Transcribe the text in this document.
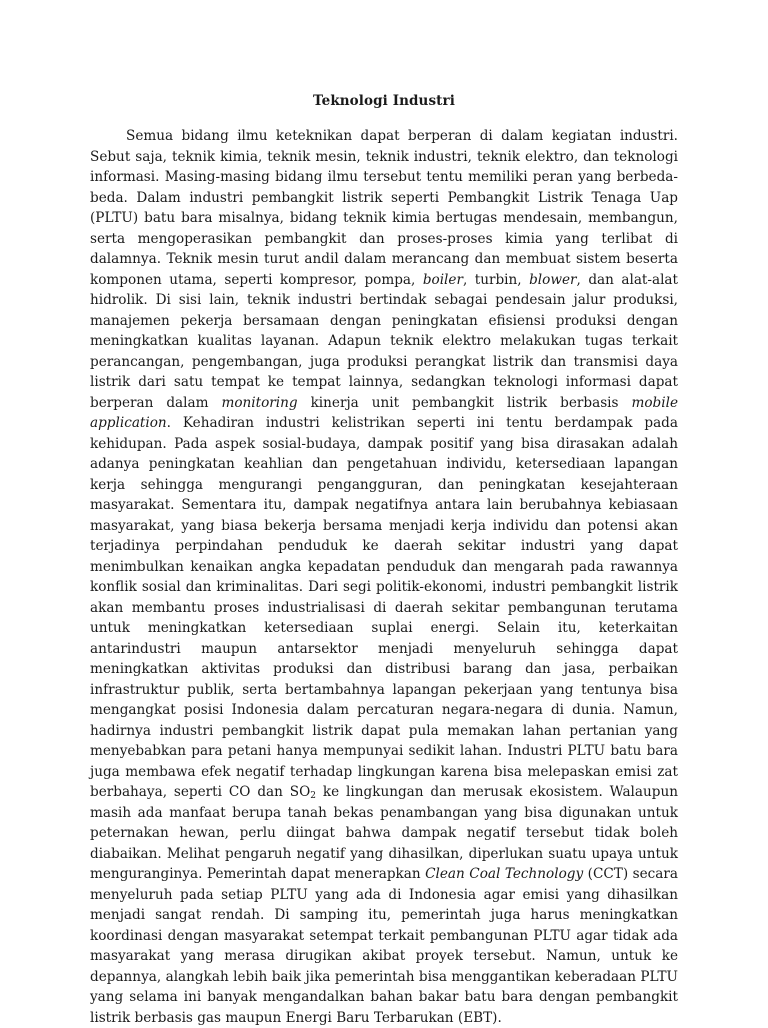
Teknologi Industri

Semua bidang ilmu keteknikan dapat berperan di dalam kegiatan industri. Sebut saja, teknik kimia, teknik mesin, teknik industri, teknik elektro, dan teknologi informasi. Masing-masing bidang ilmu tersebut tentu memiliki peran yang berbeda-beda. Dalam industri pembangkit listrik seperti Pembangkit Listrik Tenaga Uap (PLTU) batu bara misalnya, bidang teknik kimia bertugas mendesain, membangun, serta mengoperasikan pembangkit dan proses-proses kimia yang terlibat di dalamnya. Teknik mesin turut andil dalam merancang dan membuat sistem beserta komponen utama, seperti kompresor, pompa, boiler, turbin, blower, dan alat-alat hidrolik. Di sisi lain, teknik industri bertindak sebagai pendesain jalur produksi, manajemen pekerja bersamaan dengan peningkatan efisiensi produksi dengan meningkatkan kualitas layanan. Adapun teknik elektro melakukan tugas terkait perancangan, pengembangan, juga produksi perangkat listrik dan transmisi daya listrik dari satu tempat ke tempat lainnya, sedangkan teknologi informasi dapat berperan dalam monitoring kinerja unit pembangkit listrik berbasis mobile application. Kehadiran industri kelistrikan seperti ini tentu berdampak pada kehidupan. Pada aspek sosial-budaya, dampak positif yang bisa dirasakan adalah adanya peningkatan keahlian dan pengetahuan individu, ketersediaan lapangan kerja sehingga mengurangi pengangguran, dan peningkatan kesejahteraan masyarakat. Sementara itu, dampak negatifnya antara lain berubahnya kebiasaan masyarakat, yang biasa bekerja bersama menjadi kerja individu dan potensi akan terjadinya perpindahan penduduk ke daerah sekitar industri yang dapat menimbulkan kenaikan angka kepadatan penduduk dan mengarah pada rawannya konflik sosial dan kriminalitas. Dari segi politik-ekonomi, industri pembangkit listrik akan membantu proses industrialisasi di daerah sekitar pembangunan terutama untuk meningkatkan ketersediaan suplai energi. Selain itu, keterkaitan antarindustri maupun antarsektor menjadi menyeluruh sehingga dapat meningkatkan aktivitas produksi dan distribusi barang dan jasa, perbaikan infrastruktur publik, serta bertambahnya lapangan pekerjaan yang tentunya bisa mengangkat posisi Indonesia dalam percaturan negara-negara di dunia. Namun, hadirnya industri pembangkit listrik dapat pula memakan lahan pertanian yang menyebabkan para petani hanya mempunyai sedikit lahan. Industri PLTU batu bara juga membawa efek negatif terhadap lingkungan karena bisa melepaskan emisi zat berbahaya, seperti CO dan $SO_2$ ke lingkungan dan merusak ekosistem. Walaupun masih ada manfaat berupa tanah bekas penambangan yang bisa digunakan untuk peternakan hewan, perlu diingat bahwa dampak negatif tersebut tidak boleh diabaikan. Melihat pengaruh negatif yang dihasilkan, diperlukan suatu upaya untuk menguranginya. Pemerintah dapat menerapkan Clean Coal Technology (CCT) secara menyeluruh pada setiap PLTU yang ada di Indonesia agar emisi yang dihasilkan menjadi sangat rendah. Di samping itu, pemerintah juga harus meningkatkan koordinasi dengan masyarakat setempat terkait pembangunan PLTU agar tidak ada masyarakat yang merasa dirugikan akibat proyek tersebut. Namun, untuk ke depannya, alangkah lebih baik jika pemerintah bisa menggantikan keberadaan PLTU yang selama ini banyak mengandalkan bahan bakar batu bara dengan pembangkit listrik berbasis gas maupun Energi Baru Terbarukan (EBT).
